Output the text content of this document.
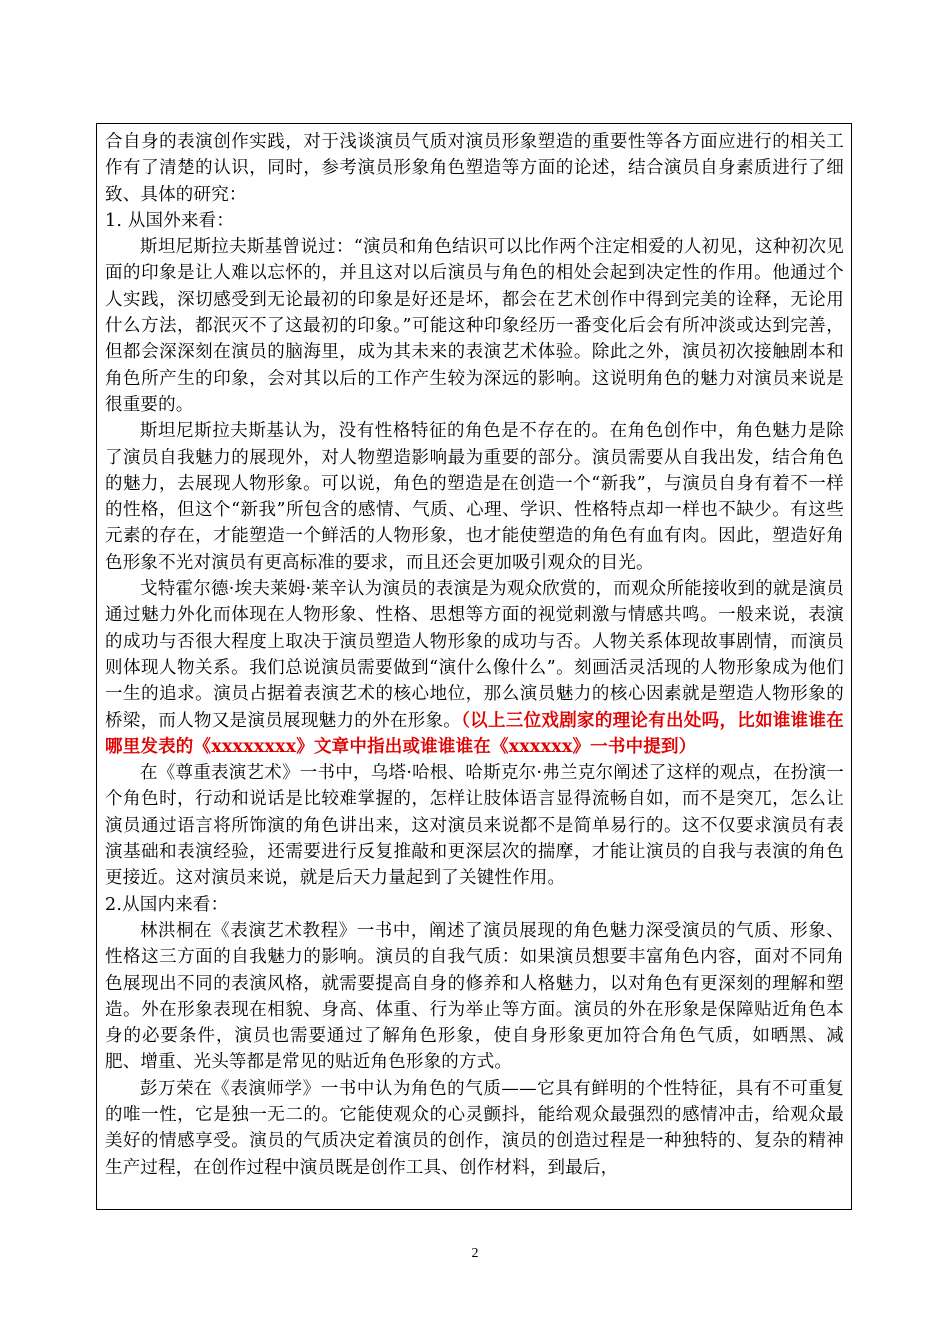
合自身的表演创作实践，对于浅谈演员气质对演员形象塑造的重要性等各方面应进行的相关工作有了清楚的认识，同时，参考演员形象角色塑造等方面的论述，结合演员自身素质进行了细致、具体的研究：

1. 从国外来看：

斯坦尼斯拉夫斯基曾说过：“演员和角色结识可以比作两个注定相爱的人初见，这种初次见面的印象是让人难以忘怀的，并且这对以后演员与角色的相处会起到决定性的作用。他通过个人实践，深切感受到无论最初的印象是好还是坏，都会在艺术创作中得到完美的诠释，无论用什么方法，都泯灭不了这最初的印象。”可能这种印象经历一番变化后会有所冲淡或达到完善，但都会深深刻在演员的脑海里，成为其未来的表演艺术体验。除此之外，演员初次接触剧本和角色所产生的印象，会对其以后的工作产生较为深远的影响。这说明角色的魅力对演员来说是很重要的。

斯坦尼斯拉夫斯基认为，没有性格特征的角色是不存在的。在角色创作中，角色魅力是除了演员自我魅力的展现外，对人物塑造影响最为重要的部分。演员需要从自我出发，结合角色的魅力，去展现人物形象。可以说，角色的塑造是在创造一个“新我”，与演员自身有着不一样的性格，但这个“新我”所包含的感情、气质、心理、学识、性格特点却一样也不缺少。有这些元素的存在，才能塑造一个鲜活的人物形象，也才能使塑造的角色有血有肉。因此，塑造好角色形象不光对演员有更高标准的要求，而且还会更加吸引观众的目光。

戈特霍尔德·埃夫莱姆·莱辛认为演员的表演是为观众欣赏的，而观众所能接收到的就是演员通过魅力外化而体现在人物形象、性格、思想等方面的视觉刺激与情感共鸣。一般来说，表演的成功与否很大程度上取决于演员塑造人物形象的成功与否。人物关系体现故事剧情，而演员则体现人物关系。我们总说演员需要做到“演什么像什么”。刻画活灵活现的人物形象成为他们一生的追求。演员占据着表演艺术的核心地位，那么演员魅力的核心因素就是塑造人物形象的桥梁，而人物又是演员展现魅力的外在形象。（以上三位戏剧家的理论有出处吗，比如谁谁谁在哪里发表的《xxxxxxxx》文章中指出或谁谁谁在《xxxxxx》一书中提到）

在《尊重表演艺术》一书中，乌塔·哈根、哈斯克尔·弗兰克尔阐述了这样的观点，在扮演一个角色时，行动和说话是比较难掌握的，怎样让肢体语言显得流畅自如，而不是突兀，怎么让演员通过语言将所饰演的角色讲出来，这对演员来说都不是简单易行的。这不仅要求演员有表演基础和表演经验，还需要进行反复推敲和更深层次的揣摩，才能让演员的自我与表演的角色更接近。这对演员来说，就是后天力量起到了关键性作用。

2.从国内来看：

林洪桐在《表演艺术教程》一书中，阐述了演员展现的角色魅力深受演员的气质、形象、性格这三方面的自我魅力的影响。演员的自我气质：如果演员想要丰富角色内容，面对不同角色展现出不同的表演风格，就需要提高自身的修养和人格魅力，以对角色有更深刻的理解和塑造。外在形象表现在相貌、身高、体重、行为举止等方面。演员的外在形象是保障贴近角色本身的必要条件，演员也需要通过了解角色形象，使自身形象更加符合角色气质，如晒黑、减肥、增重、光头等都是常见的贴近角色形象的方式。

彭万荣在《表演师学》一书中认为角色的气质——它具有鲜明的个性特征，具有不可重复的唯一性，它是独一无二的。它能使观众的心灵颤抖，能给观众最强烈的感情冲击，给观众最美好的情感享受。演员的气质决定着演员的创作，演员的创造过程是一种独特的、复杂的精神生产过程，在创作过程中演员既是创作工具、创作材料，到最后，

2
